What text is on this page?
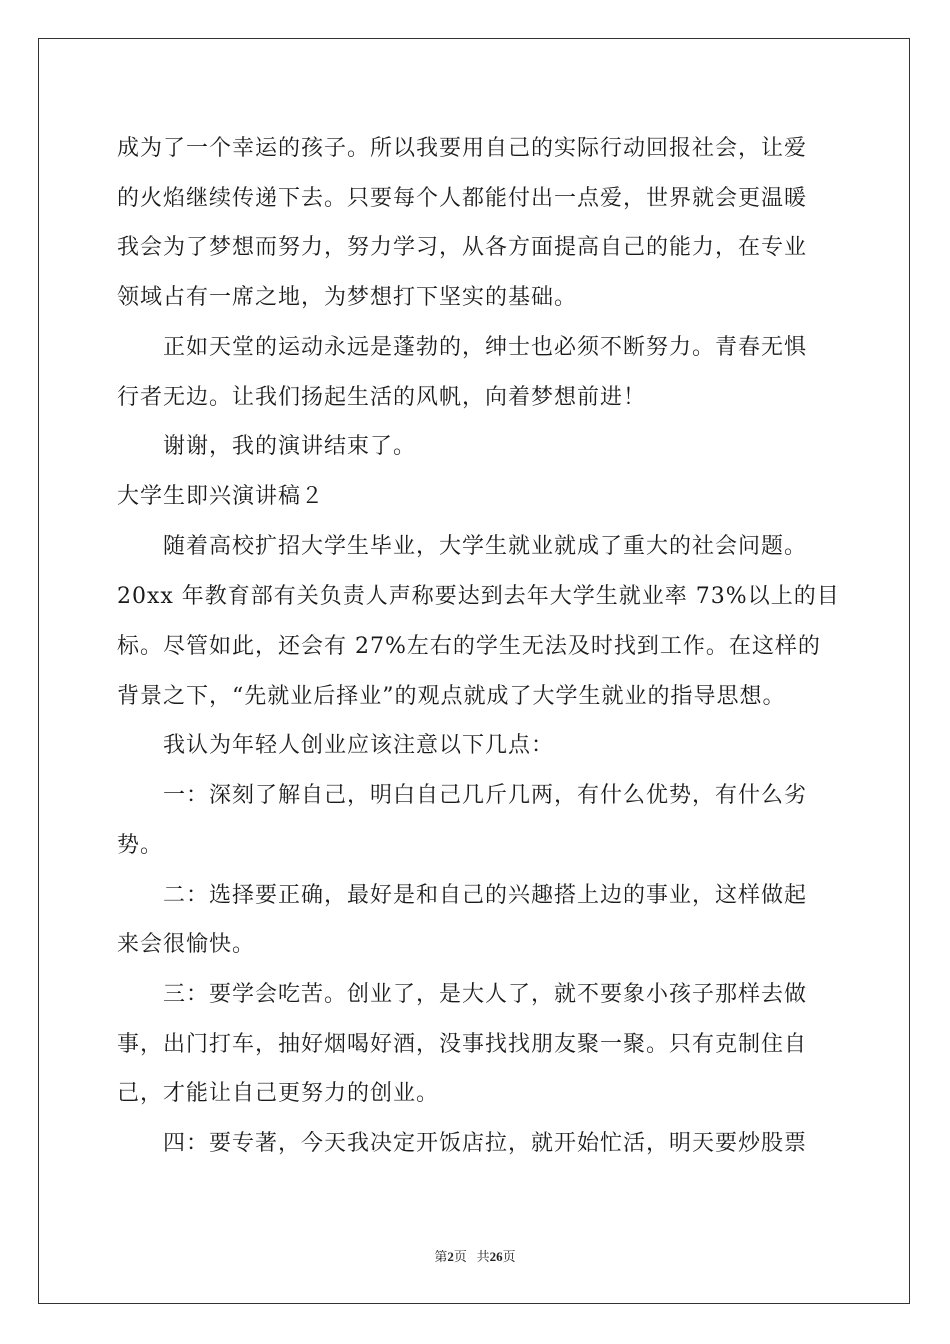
成为了一个幸运的孩子。所以我要用自己的实际行动回报社会，让爱
的火焰继续传递下去。只要每个人都能付出一点爱，世界就会更温暖
我会为了梦想而努力，努力学习，从各方面提高自己的能力，在专业
领域占有一席之地，为梦想打下坚实的基础。
　　正如天堂的运动永远是蓬勃的，绅士也必须不断努力。青春无惧
行者无边。让我们扬起生活的风帆，向着梦想前进！
　　谢谢，我的演讲结束了。
大学生即兴演讲稿２
　　随着高校扩招大学生毕业，大学生就业就成了重大的社会问题。
20xx 年教育部有关负责人声称要达到去年大学生就业率 73%以上的目
标。尽管如此，还会有 27%左右的学生无法及时找到工作。在这样的
背景之下，“先就业后择业”的观点就成了大学生就业的指导思想。
　　我认为年轻人创业应该注意以下几点：
　　一：深刻了解自己，明白自己几斤几两，有什么优势，有什么劣
势。
　　二：选择要正确，最好是和自己的兴趣搭上边的事业，这样做起
来会很愉快。
　　三：要学会吃苦。创业了，是大人了，就不要象小孩子那样去做
事，出门打车，抽好烟喝好酒，没事找找朋友聚一聚。只有克制住自
己，才能让自己更努力的创业。
　　四：要专著，今天我决定开饭店拉，就开始忙活，明天要炒股票
第2页 共26页
